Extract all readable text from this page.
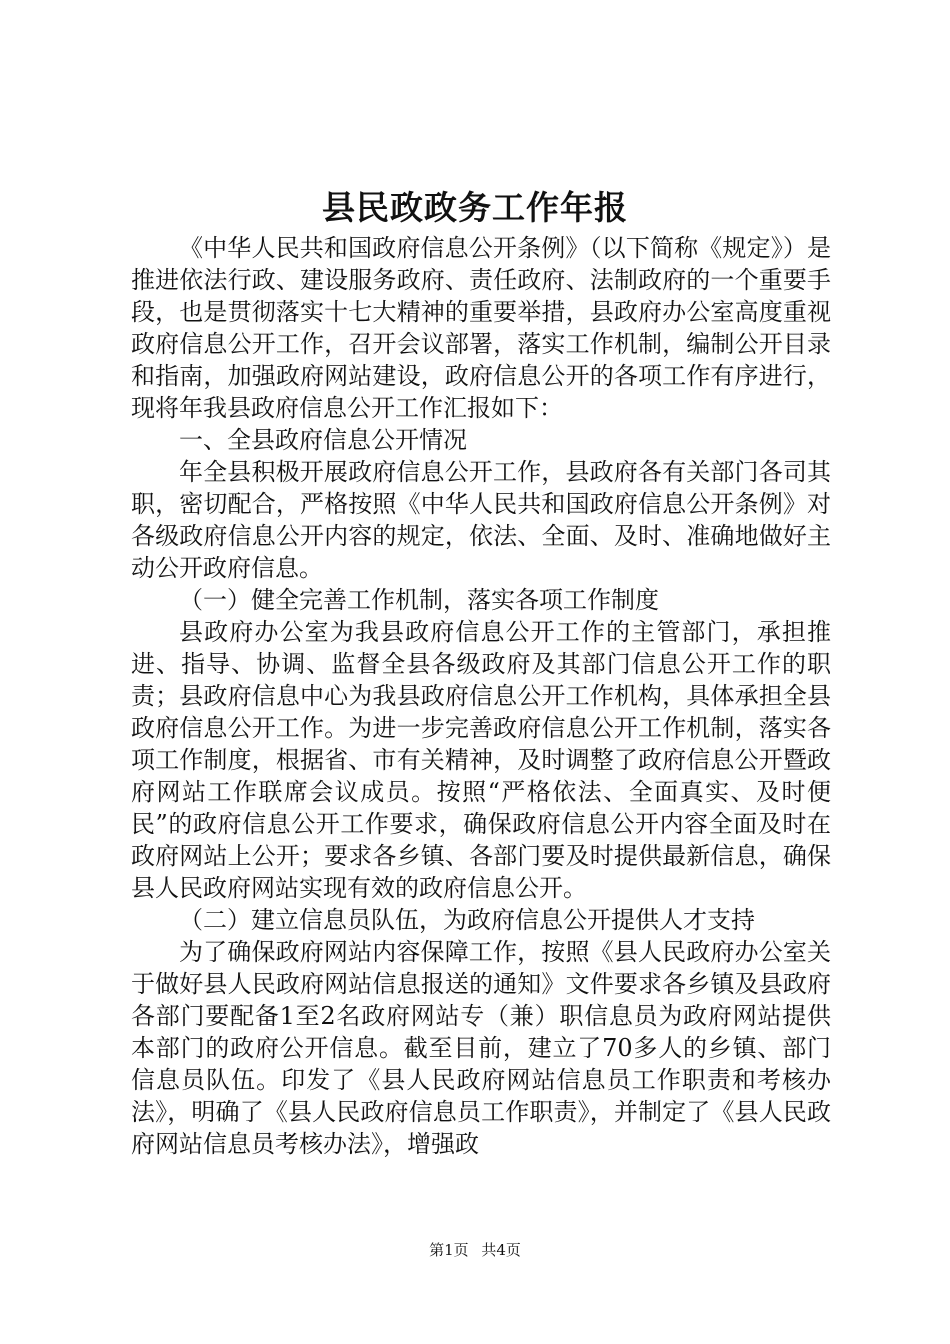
县民政政务工作年报

《中华人民共和国政府信息公开条例》（以下简称《规定》）是推进依法行政、建设服务政府、责任政府、法制政府的一个重要手段，也是贯彻落实十七大精神的重要举措，县政府办公室高度重视政府信息公开工作，召开会议部署，落实工作机制，编制公开目录和指南，加强政府网站建设，政府信息公开的各项工作有序进行，现将年我县政府信息公开工作汇报如下：

一、全县政府信息公开情况

年全县积极开展政府信息公开工作，县政府各有关部门各司其职，密切配合，严格按照《中华人民共和国政府信息公开条例》对各级政府信息公开内容的规定，依法、全面、及时、准确地做好主动公开政府信息。

（一）健全完善工作机制，落实各项工作制度

县政府办公室为我县政府信息公开工作的主管部门，承担推进、指导、协调、监督全县各级政府及其部门信息公开工作的职责；县政府信息中心为我县政府信息公开工作机构，具体承担全县政府信息公开工作。为进一步完善政府信息公开工作机制，落实各项工作制度，根据省、市有关精神，及时调整了政府信息公开暨政府网站工作联席会议成员。按照“严格依法、全面真实、及时便民”的政府信息公开工作要求，确保政府信息公开内容全面及时在政府网站上公开；要求各乡镇、各部门要及时提供最新信息，确保县人民政府网站实现有效的政府信息公开。

（二）建立信息员队伍，为政府信息公开提供人才支持

为了确保政府网站内容保障工作，按照《县人民政府办公室关于做好县人民政府网站信息报送的通知》文件要求各乡镇及县政府各部门要配备1至2名政府网站专（兼）职信息员为政府网站提供本部门的政府公开信息。截至目前，建立了70多人的乡镇、部门信息员队伍。印发了《县人民政府网站信息员工作职责和考核办法》，明确了《县人民政府信息员工作职责》，并制定了《县人民政府网站信息员考核办法》，增强政

第1页 共4页
